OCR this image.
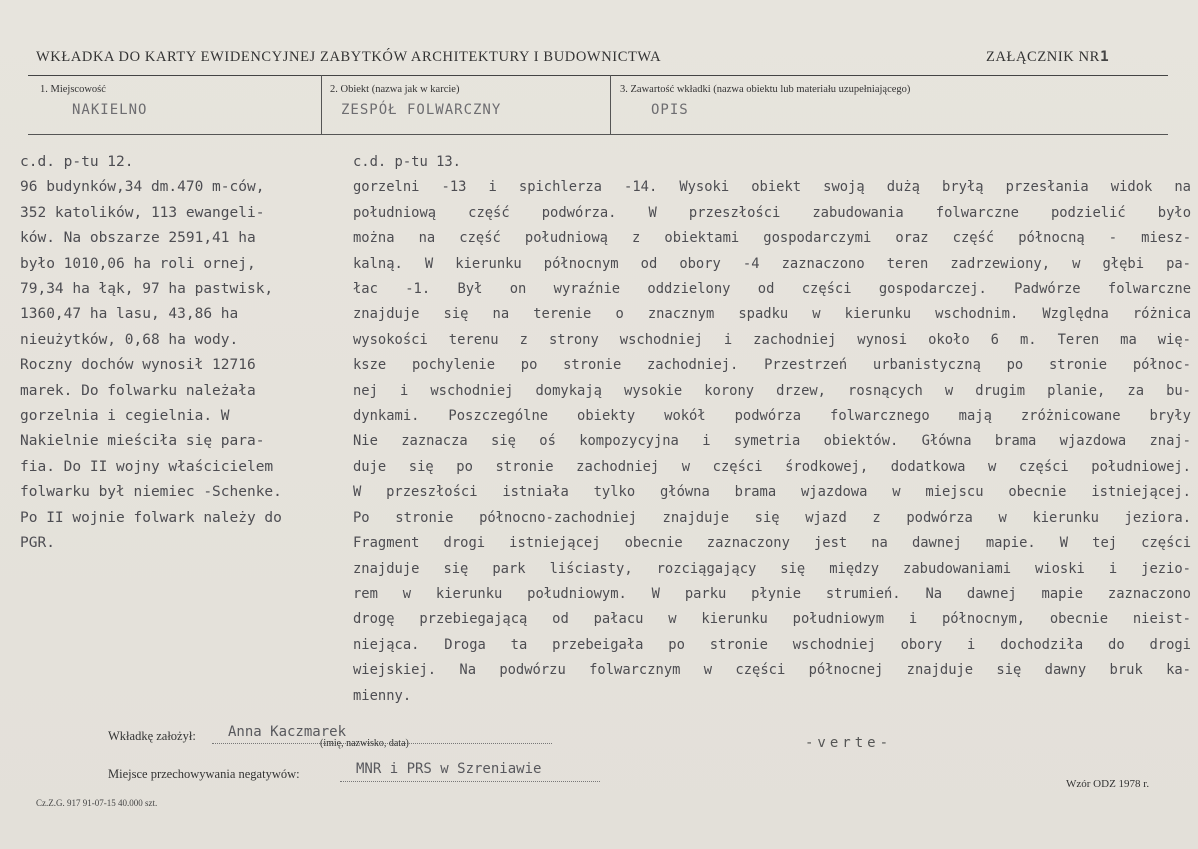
WKŁADKA DO KARTY EWIDENCYJNEJ ZABYTKÓW ARCHITEKTURY I BUDOWNICTWA	ZAŁĄCZNIK NR1
1. Miejscowość
NAKIELNO
2. Obiekt (nazwa jak w karcie)
ZESPÓŁ FOLWARCZNY
3. Zawartość wkładki (nazwa obiektu lub materiału uzupełniającego)
OPIS
c.d. p-tu 12.
96 budynków,34 dm.470 m-ców,
352 katolików, 113 ewangeli-
ków. Na obszarze 2591,41 ha
było 1010,06 ha roli ornej,
79,34 ha łąk, 97 ha pastwisk,
1360,47 ha lasu, 43,86 ha
nieużytków, 0,68 ha wody.
Roczny dochów wynosił 12716
marek. Do folwarku należała
gorzelnia i cegielnia. W
Nakielnie mieściła się para-
fia. Do II wojny właścicielem
folwarku był niemiec -Schenke.
Po II wojnie folwark należy do
PGR.
c.d. p-tu 13.
gorzelni -13 i spichlerza -14. Wysoki obiekt swoją dużą bryłą przesłania widok na
południową część podwórza. W przeszłości zabudowania folwarczne podzielić było
można na część południową z obiektami gospodarczymi oraz część północną - miesz-
kalną. W kierunku północnym od obory -4 zaznaczono teren zadrzewiony, w głębi pa-
łac -1. Był on wyraźnie oddzielony od części gospodarczej. Padwórze folwarczne
znajduje się na terenie o znacznym spadku w kierunku wschodnim. Względna różnica
wysokości terenu z strony wschodniej i zachodniej wynosi około 6 m. Teren ma wię-
ksze pochylenie po stronie zachodniej. Przestrzeń urbanistyczną po stronie północ-
nej i wschodniej domykają wysokie korony drzew, rosnących w drugim planie, za bu-
dynkami. Poszczególne obiekty wokół podwórza folwarcznego mają zróżnicowane bryły
Nie zaznacza się oś kompozycyjna i symetria obiektów. Główna brama wjazdowa znaj-
duje się po stronie zachodniej w części środkowej, dodatkowa w części południowej.
W przeszłości istniała tylko główna brama wjazdowa w miejscu obecnie istniejącej.
Po stronie północno-zachodniej znajduje się wjazd z podwórza w kierunku jeziora.
Fragment drogi istniejącej obecnie zaznaczony jest na dawnej mapie. W tej części
znajduje się park liściasty, rozciągający się między zabudowaniami wioski i jezio-
rem w kierunku południowym. W parku płynie strumień. Na dawnej mapie zaznaczono
drogę przebiegającą od pałacu w kierunku południowym i północnym, obecnie nieist-
niejąca. Droga ta przebeigała po stronie wschodniej obory i dochodziła do drogi
wiejskiej. Na podwórzu folwarcznym w części północnej znajduje się dawny bruk ka-
mienny.
Wkładkę założył: Anna Kaczmarek
(imię, nazwisko, data)	-verte-
Miejsce przechowywania negatywów:	MNR i PRS w Szreniawie
Wzór ODZ 1978 r.
Cz.Z.G. 917 91-07-15 40.000 szt.
